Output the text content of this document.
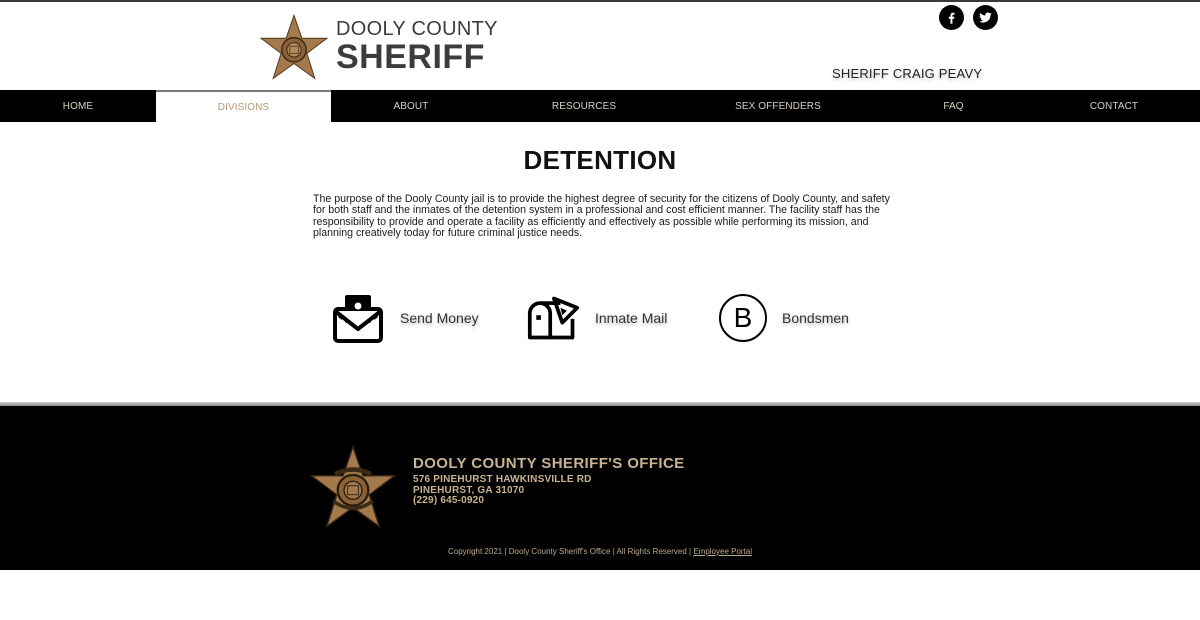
DOOLY COUNTY
SHERIFF	SHERIFF CRAIG PEAVY
HOME	DIVISIONS	ABOUT	RESOURCES	SEX OFFENDERS	FAQ	CONTACT
DETENTION

The purpose of the Dooly County jail is to provide the highest degree of security for the citizens of Dooly County, and safety for both staff and the inmates of the detention system in a professional and cost efficient manner. The facility staff has the responsibility to provide and operate a facility as efficiently and effectively as possible while performing its mission, and planning creatively today for future criminal justice needs.

Send Money	Inmate Mail	B	Bondsmen
DOOLY COUNTY SHERIFF'S OFFICE
576 PINEHURST HAWKINSVILLE RD
PINEHURST, GA 31070
(229) 645-0920
Copyright 2021 | Dooly County Sheriff's Office | All Rights Reserved | Employee Portal
